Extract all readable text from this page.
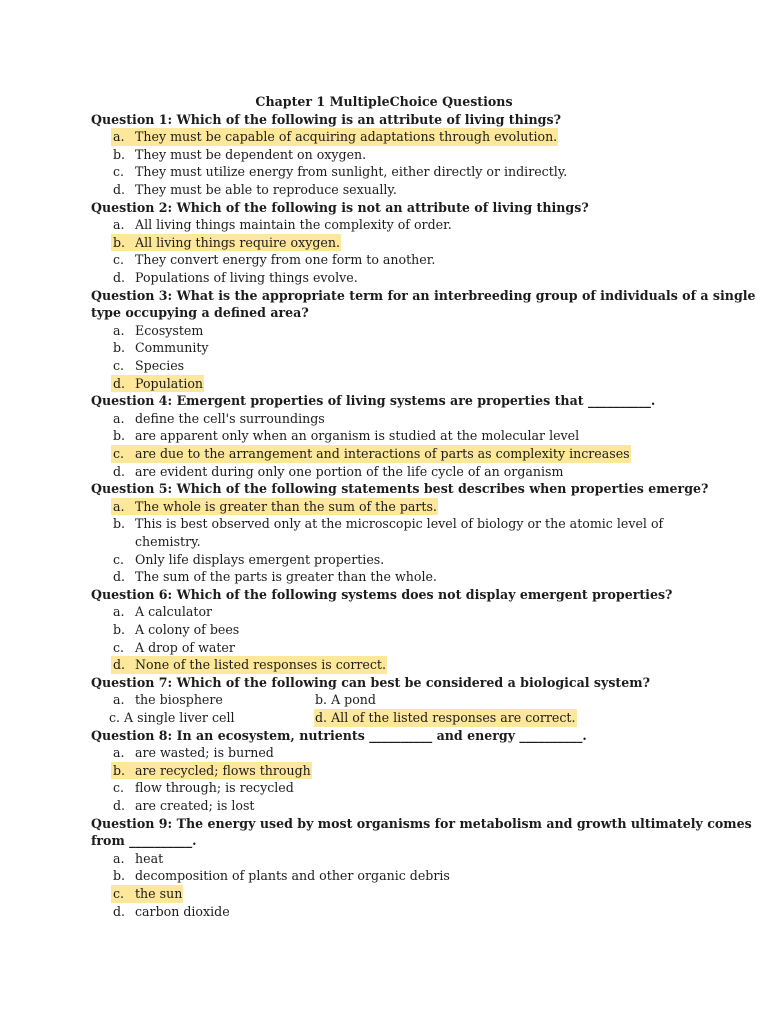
Chapter 1 MultipleChoice Questions
Question 1: Which of the following is an attribute of living things?
a. They must be capable of acquiring adaptations through evolution.
b. They must be dependent on oxygen.
c. They must utilize energy from sunlight, either directly or indirectly.
d. They must be able to reproduce sexually.
Question 2: Which of the following is not an attribute of living things?
a. All living things maintain the complexity of order.
b. All living things require oxygen.
c. They convert energy from one form to another.
d. Populations of living things evolve.
Question 3: What is the appropriate term for an interbreeding group of individuals of a single
type occupying a defined area?
a. Ecosystem
b. Community
c. Species
d. Population
Question 4: Emergent properties of living systems are properties that __________.
a. define the cell's surroundings
b. are apparent only when an organism is studied at the molecular level
c. are due to the arrangement and interactions of parts as complexity increases
d. are evident during only one portion of the life cycle of an organism
Question 5: Which of the following statements best describes when properties emerge?
a. The whole is greater than the sum of the parts.
b. This is best observed only at the microscopic level of biology or the atomic level of
chemistry.
c. Only life displays emergent properties.
d. The sum of the parts is greater than the whole.
Question 6: Which of the following systems does not display emergent properties?
a. A calculator
b. A colony of bees
c. A drop of water
d. None of the listed responses is correct.
Question 7: Which of the following can best be considered a biological system?
a. the biosphere	b. A pond
c. A single liver cell	d. All of the listed responses are correct.
Question 8: In an ecosystem, nutrients __________ and energy __________.
a. are wasted; is burned
b. are recycled; flows through
c. flow through; is recycled
d. are created; is lost
Question 9: The energy used by most organisms for metabolism and growth ultimately comes
from __________.
a. heat
b. decomposition of plants and other organic debris
c. the sun
d. carbon dioxide
